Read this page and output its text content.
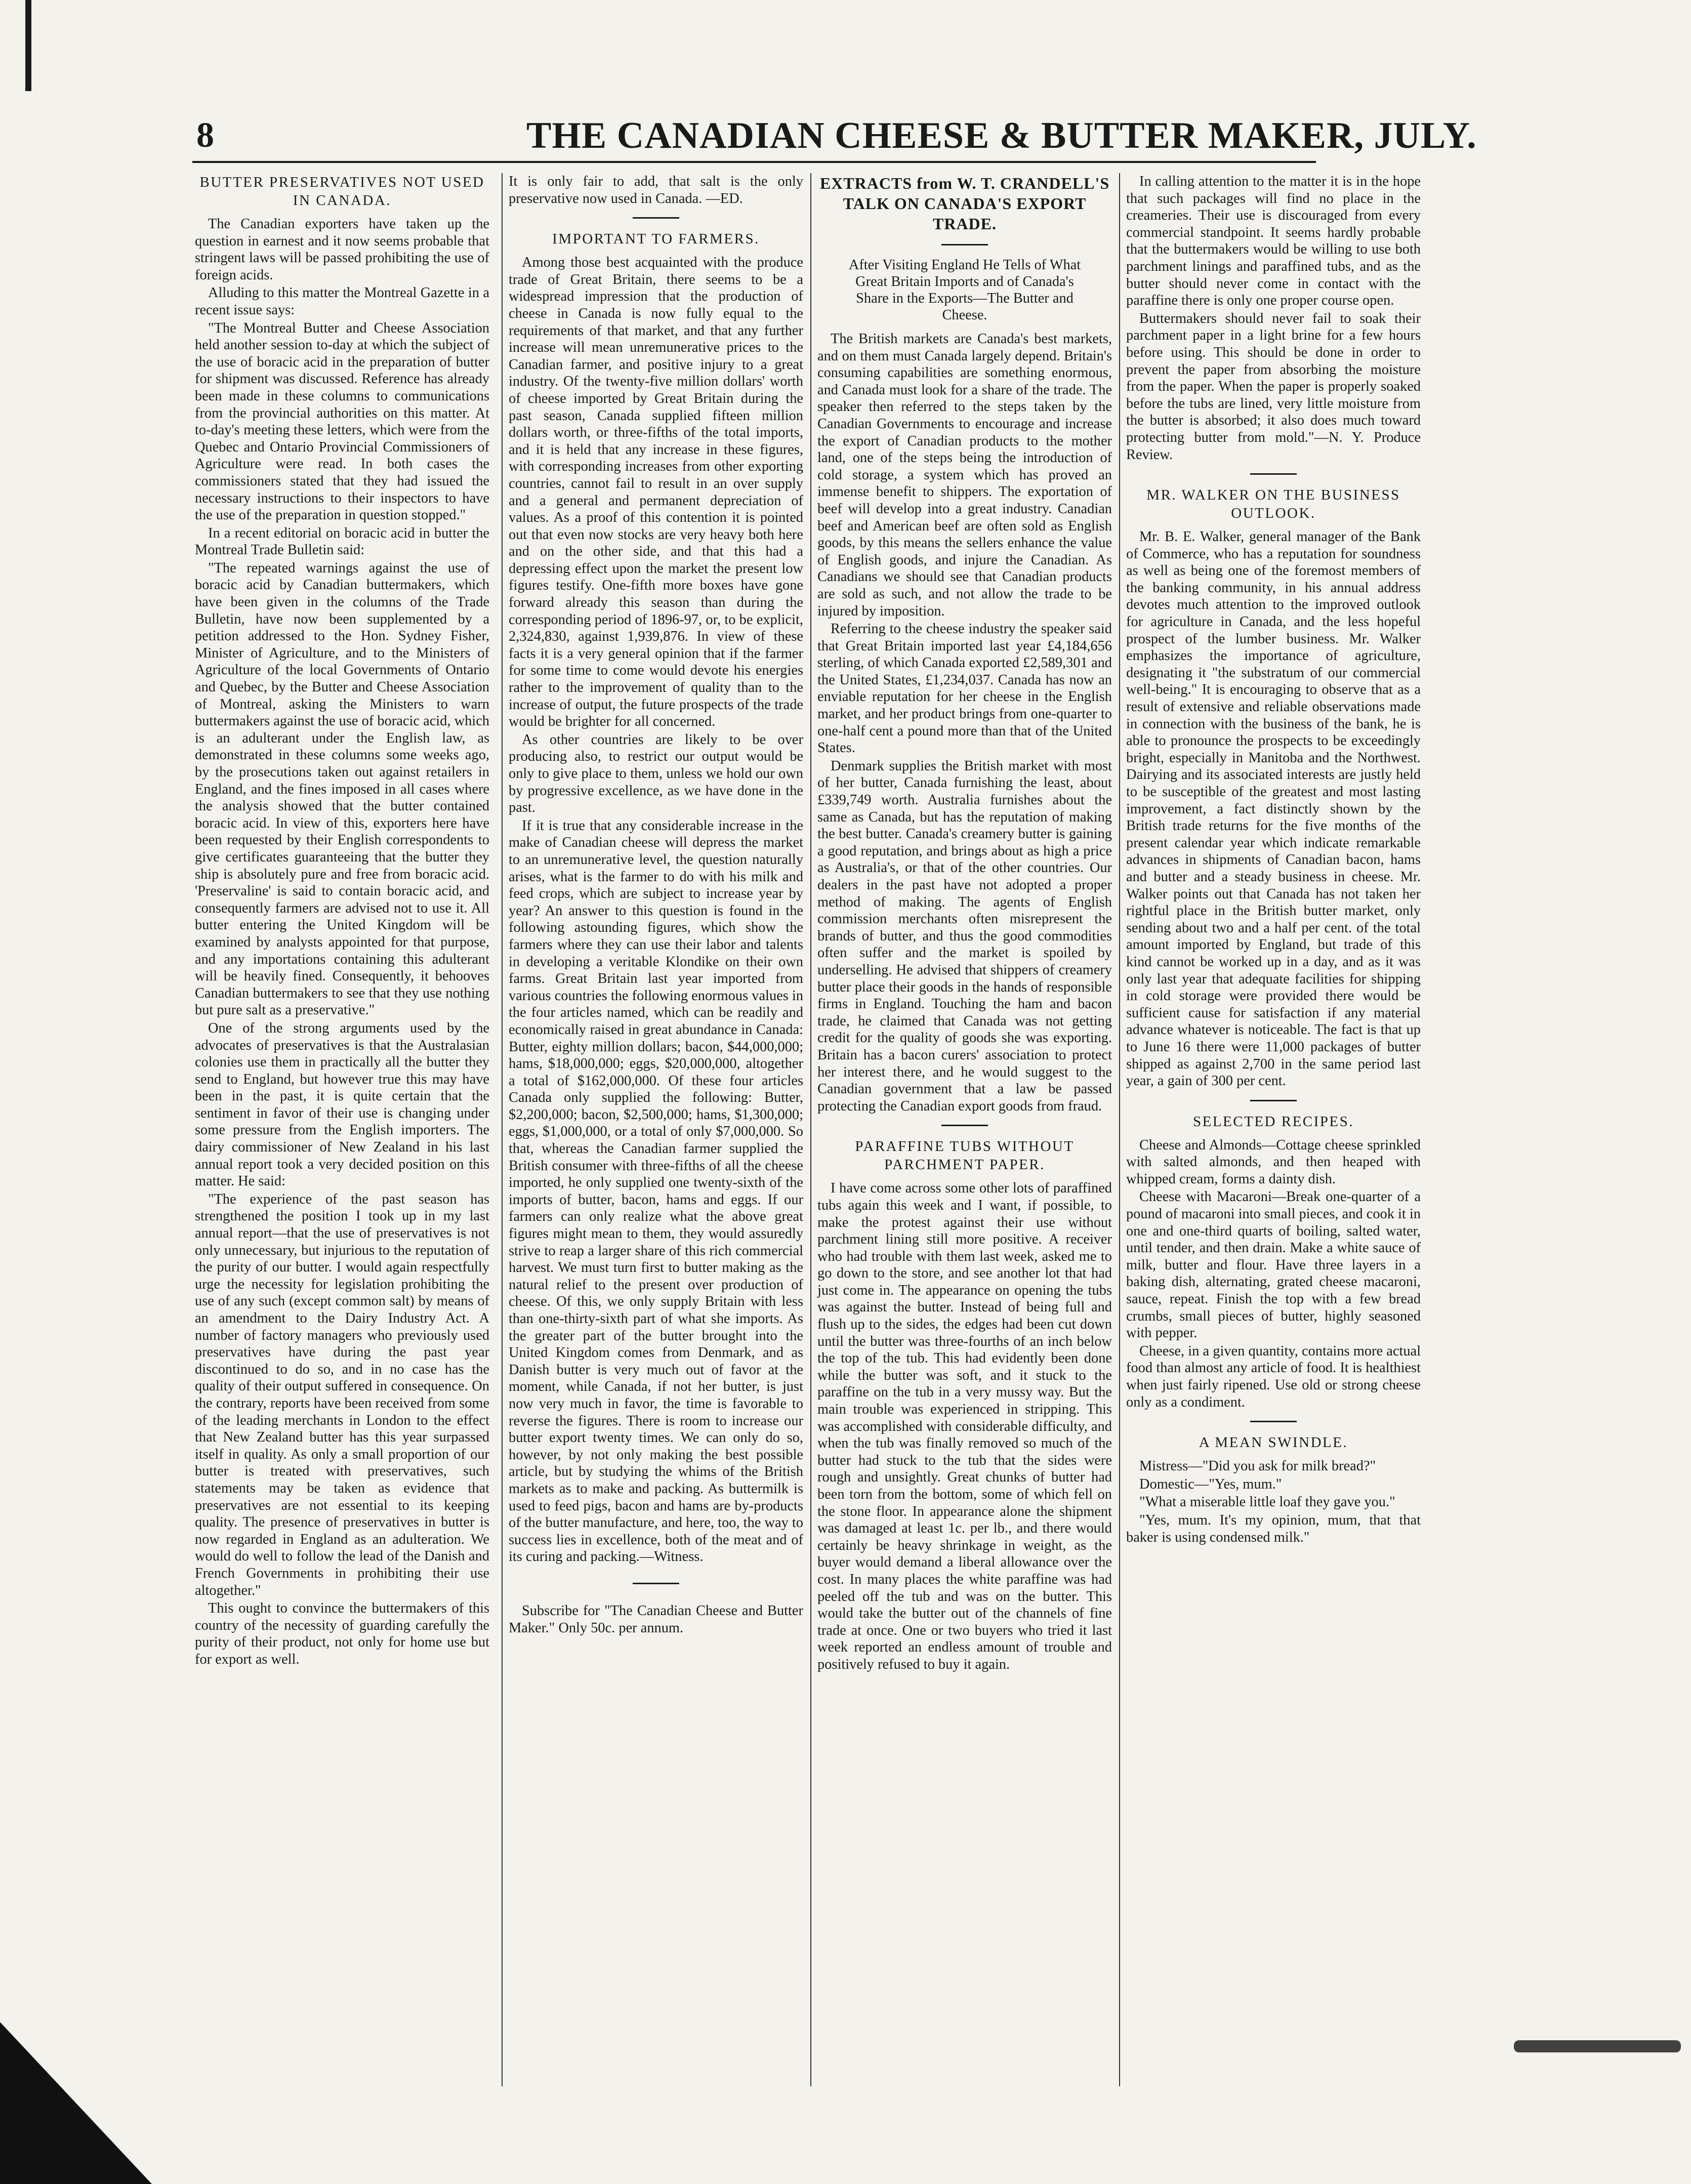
8	THE CANADIAN CHEESE & BUTTER MAKER, JULY.
BUTTER PRESERVATIVES NOT USED IN CANADA.

The Canadian exporters have taken up the question in earnest and it now seems probable that stringent laws will be passed prohibiting the use of foreign acids.

Alluding to this matter the Montreal Gazette in a recent issue says:

"The Montreal Butter and Cheese Association held another session to-day at which the subject of the use of boracic acid in the preparation of butter for shipment was discussed. Reference has already been made in these columns to communications from the provincial authorities on this matter. At to-day's meeting these letters, which were from the Quebec and Ontario Provincial Commissioners of Agriculture were read. In both cases the commissioners stated that they had issued the necessary instructions to their inspectors to have the use of the preparation in question stopped."

In a recent editorial on boracic acid in butter the Montreal Trade Bulletin said:

"The repeated warnings against the use of boracic acid by Canadian buttermakers, which have been given in the columns of the Trade Bulletin, have now been supplemented by a petition addressed to the Hon. Sydney Fisher, Minister of Agriculture, and to the Ministers of Agriculture of the local Governments of Ontario and Quebec, by the Butter and Cheese Association of Montreal, asking the Ministers to warn buttermakers against the use of boracic acid, which is an adulterant under the English law, as demonstrated in these columns some weeks ago, by the prosecutions taken out against retailers in England, and the fines imposed in all cases where the analysis showed that the butter contained boracic acid. In view of this, exporters here have been requested by their English correspondents to give certificates guaranteeing that the butter they ship is absolutely pure and free from boracic acid. 'Preservaline' is said to contain boracic acid, and consequently farmers are advised not to use it. All butter entering the United Kingdom will be examined by analysts appointed for that purpose, and any importations containing this adulterant will be heavily fined. Consequently, it behooves Canadian buttermakers to see that they use nothing but pure salt as a preservative."

One of the strong arguments used by the advocates of preservatives is that the Australasian colonies use them in practically all the butter they send to England, but however true this may have been in the past, it is quite certain that the sentiment in favor of their use is changing under some pressure from the English importers. The dairy commissioner of New Zealand in his last annual report took a very decided position on this matter. He said:

"The experience of the past season has strengthened the position I took up in my last annual report—that the use of preservatives is not only unnecessary, but injurious to the reputation of the purity of our butter. I would again respectfully urge the necessity for legislation prohibiting the use of any such (except common salt) by means of an amendment to the Dairy Industry Act. A number of factory managers who previously used preservatives have during the past year discontinued to do so, and in no case has the quality of their output suffered in consequence. On the contrary, reports have been received from some of the leading merchants in London to the effect that New Zealand butter has this year surpassed itself in quality. As only a small proportion of our butter is treated with preservatives, such statements may be taken as evidence that preservatives are not essential to its keeping quality. The presence of preservatives in butter is now regarded in England as an adulteration. We would do well to follow the lead of the Danish and French Governments in prohibiting their use altogether."

This ought to convince the buttermakers of this country of the necessity of guarding carefully the purity of their product, not only for home use but for export as well.

It is only fair to add, that salt is the only preservative now used in Canada. —ED.

IMPORTANT TO FARMERS.

Among those best acquainted with the produce trade of Great Britain, there seems to be a widespread impression that the production of cheese in Canada is now fully equal to the requirements of that market, and that any further increase will mean unremunerative prices to the Canadian farmer, and positive injury to a great industry. Of the twenty-five million dollars' worth of cheese imported by Great Britain during the past season, Canada supplied fifteen million dollars worth, or three-fifths of the total imports, and it is held that any increase in these figures, with corresponding increases from other exporting countries, cannot fail to result in an over supply and a general and permanent depreciation of values. As a proof of this contention it is pointed out that even now stocks are very heavy both here and on the other side, and that this had a depressing effect upon the market the present low figures testify. One-fifth more boxes have gone forward already this season than during the corresponding period of 1896-97, or, to be explicit, 2,324,830, against 1,939,876. In view of these facts it is a very general opinion that if the farmer for some time to come would devote his energies rather to the improvement of quality than to the increase of output, the future prospects of the trade would be brighter for all concerned.

As other countries are likely to be over producing also, to restrict our output would be only to give place to them, unless we hold our own by progressive excellence, as we have done in the past.

If it is true that any considerable increase in the make of Canadian cheese will depress the market to an unremunerative level, the question naturally arises, what is the farmer to do with his milk and feed crops, which are subject to increase year by year? An answer to this question is found in the following astounding figures, which show the farmers where they can use their labor and talents in developing a veritable Klondike on their own farms. Great Britain last year imported from various countries the following enormous values in the four articles named, which can be readily and economically raised in great abundance in Canada: Butter, eighty million dollars; bacon, $44,000,000; hams, $18,000,000; eggs, $20,000,000, altogether a total of $162,000,000. Of these four articles Canada only supplied the following: Butter, $2,200,000; bacon, $2,500,000; hams, $1,300,000; eggs, $1,000,000, or a total of only $7,000,000. So that, whereas the Canadian farmer supplied the British consumer with three-fifths of all the cheese imported, he only supplied one twenty-sixth of the imports of butter, bacon, hams and eggs. If our farmers can only realize what the above great figures might mean to them, they would assuredly strive to reap a larger share of this rich commercial harvest. We must turn first to butter making as the natural relief to the present over production of cheese. Of this, we only supply Britain with less than one-thirty-sixth part of what she imports. As the greater part of the butter brought into the United Kingdom comes from Denmark, and as Danish butter is very much out of favor at the moment, while Canada, if not her butter, is just now very much in favor, the time is favorable to reverse the figures. There is room to increase our butter export twenty times. We can only do so, however, by not only making the best possible article, but by studying the whims of the British markets as to make and packing. As buttermilk is used to feed pigs, bacon and hams are by-products of the butter manufacture, and here, too, the way to success lies in excellence, both of the meat and of its curing and packing.—Witness.

Subscribe for "The Canadian Cheese and Butter Maker." Only 50c. per annum.

EXTRACTS from W. T. CRANDELL'S TALK ON CANADA'S EXPORT TRADE.
After Visiting England He Tells of What Great Britain Imports and of Canada's Share in the Exports—The Butter and Cheese.

The British markets are Canada's best markets, and on them must Canada largely depend. Britain's consuming capabilities are something enormous, and Canada must look for a share of the trade. The speaker then referred to the steps taken by the Canadian Governments to encourage and increase the export of Canadian products to the mother land, one of the steps being the introduction of cold storage, a system which has proved an immense benefit to shippers. The exportation of beef will develop into a great industry. Canadian beef and American beef are often sold as English goods, by this means the sellers enhance the value of English goods, and injure the Canadian. As Canadians we should see that Canadian products are sold as such, and not allow the trade to be injured by imposition.

Referring to the cheese industry the speaker said that Great Britain imported last year £4,184,656 sterling, of which Canada exported £2,589,301 and the United States, £1,234,037. Canada has now an enviable reputation for her cheese in the English market, and her product brings from one-quarter to one-half cent a pound more than that of the United States.

Denmark supplies the British market with most of her butter, Canada furnishing the least, about £339,749 worth. Australia furnishes about the same as Canada, but has the reputation of making the best butter. Canada's creamery butter is gaining a good reputation, and brings about as high a price as Australia's, or that of the other countries. Our dealers in the past have not adopted a proper method of making. The agents of English commission merchants often misrepresent the brands of butter, and thus the good commodities often suffer and the market is spoiled by underselling. He advised that shippers of creamery butter place their goods in the hands of responsible firms in England. Touching the ham and bacon trade, he claimed that Canada was not getting credit for the quality of goods she was exporting. Britain has a bacon curers' association to protect her interest there, and he would suggest to the Canadian government that a law be passed protecting the Canadian export goods from fraud.

PARAFFINE TUBS WITHOUT PARCHMENT PAPER.

I have come across some other lots of paraffined tubs again this week and I want, if possible, to make the protest against their use without parchment lining still more positive. A receiver who had trouble with them last week, asked me to go down to the store, and see another lot that had just come in. The appearance on opening the tubs was against the butter. Instead of being full and flush up to the sides, the edges had been cut down until the butter was three-fourths of an inch below the top of the tub. This had evidently been done while the butter was soft, and it stuck to the paraffine on the tub in a very mussy way. But the main trouble was experienced in stripping. This was accomplished with considerable difficulty, and when the tub was finally removed so much of the butter had stuck to the tub that the sides were rough and unsightly. Great chunks of butter had been torn from the bottom, some of which fell on the stone floor. In appearance alone the shipment was damaged at least 1c. per lb., and there would certainly be heavy shrinkage in weight, as the buyer would demand a liberal allowance over the cost. In many places the white paraffine was had peeled off the tub and was on the butter. This would take the butter out of the channels of fine trade at once. One or two buyers who tried it last week reported an endless amount of trouble and positively refused to buy it again.

In calling attention to the matter it is in the hope that such packages will find no place in the creameries. Their use is discouraged from every commercial standpoint. It seems hardly probable that the buttermakers would be willing to use both parchment linings and paraffined tubs, and as the butter should never come in contact with the paraffine there is only one proper course open.

Buttermakers should never fail to soak their parchment paper in a light brine for a few hours before using. This should be done in order to prevent the paper from absorbing the moisture from the paper. When the paper is properly soaked before the tubs are lined, very little moisture from the butter is absorbed; it also does much toward protecting butter from mold."—N. Y. Produce Review.

MR. WALKER ON THE BUSINESS OUTLOOK.

Mr. B. E. Walker, general manager of the Bank of Commerce, who has a reputation for soundness as well as being one of the foremost members of the banking community, in his annual address devotes much attention to the improved outlook for agriculture in Canada, and the less hopeful prospect of the lumber business. Mr. Walker emphasizes the importance of agriculture, designating it "the substratum of our commercial well-being." It is encouraging to observe that as a result of extensive and reliable observations made in connection with the business of the bank, he is able to pronounce the prospects to be exceedingly bright, especially in Manitoba and the Northwest. Dairying and its associated interests are justly held to be susceptible of the greatest and most lasting improvement, a fact distinctly shown by the British trade returns for the five months of the present calendar year which indicate remarkable advances in shipments of Canadian bacon, hams and butter and a steady business in cheese. Mr. Walker points out that Canada has not taken her rightful place in the British butter market, only sending about two and a half per cent. of the total amount imported by England, but trade of this kind cannot be worked up in a day, and as it was only last year that adequate facilities for shipping in cold storage were provided there would be sufficient cause for satisfaction if any material advance whatever is noticeable. The fact is that up to June 16 there were 11,000 packages of butter shipped as against 2,700 in the same period last year, a gain of 300 per cent.

SELECTED RECIPES.

Cheese and Almonds—Cottage cheese sprinkled with salted almonds, and then heaped with whipped cream, forms a dainty dish.

Cheese with Macaroni—Break one-quarter of a pound of macaroni into small pieces, and cook it in one and one-third quarts of boiling, salted water, until tender, and then drain. Make a white sauce of milk, butter and flour. Have three layers in a baking dish, alternating, grated cheese macaroni, sauce, repeat. Finish the top with a few bread crumbs, small pieces of butter, highly seasoned with pepper.

Cheese, in a given quantity, contains more actual food than almost any article of food. It is healthiest when just fairly ripened. Use old or strong cheese only as a condiment.

A MEAN SWINDLE.

Mistress—"Did you ask for milk bread?"

Domestic—"Yes, mum."

"What a miserable little loaf they gave you."

"Yes, mum. It's my opinion, mum, that that baker is using condensed milk."
